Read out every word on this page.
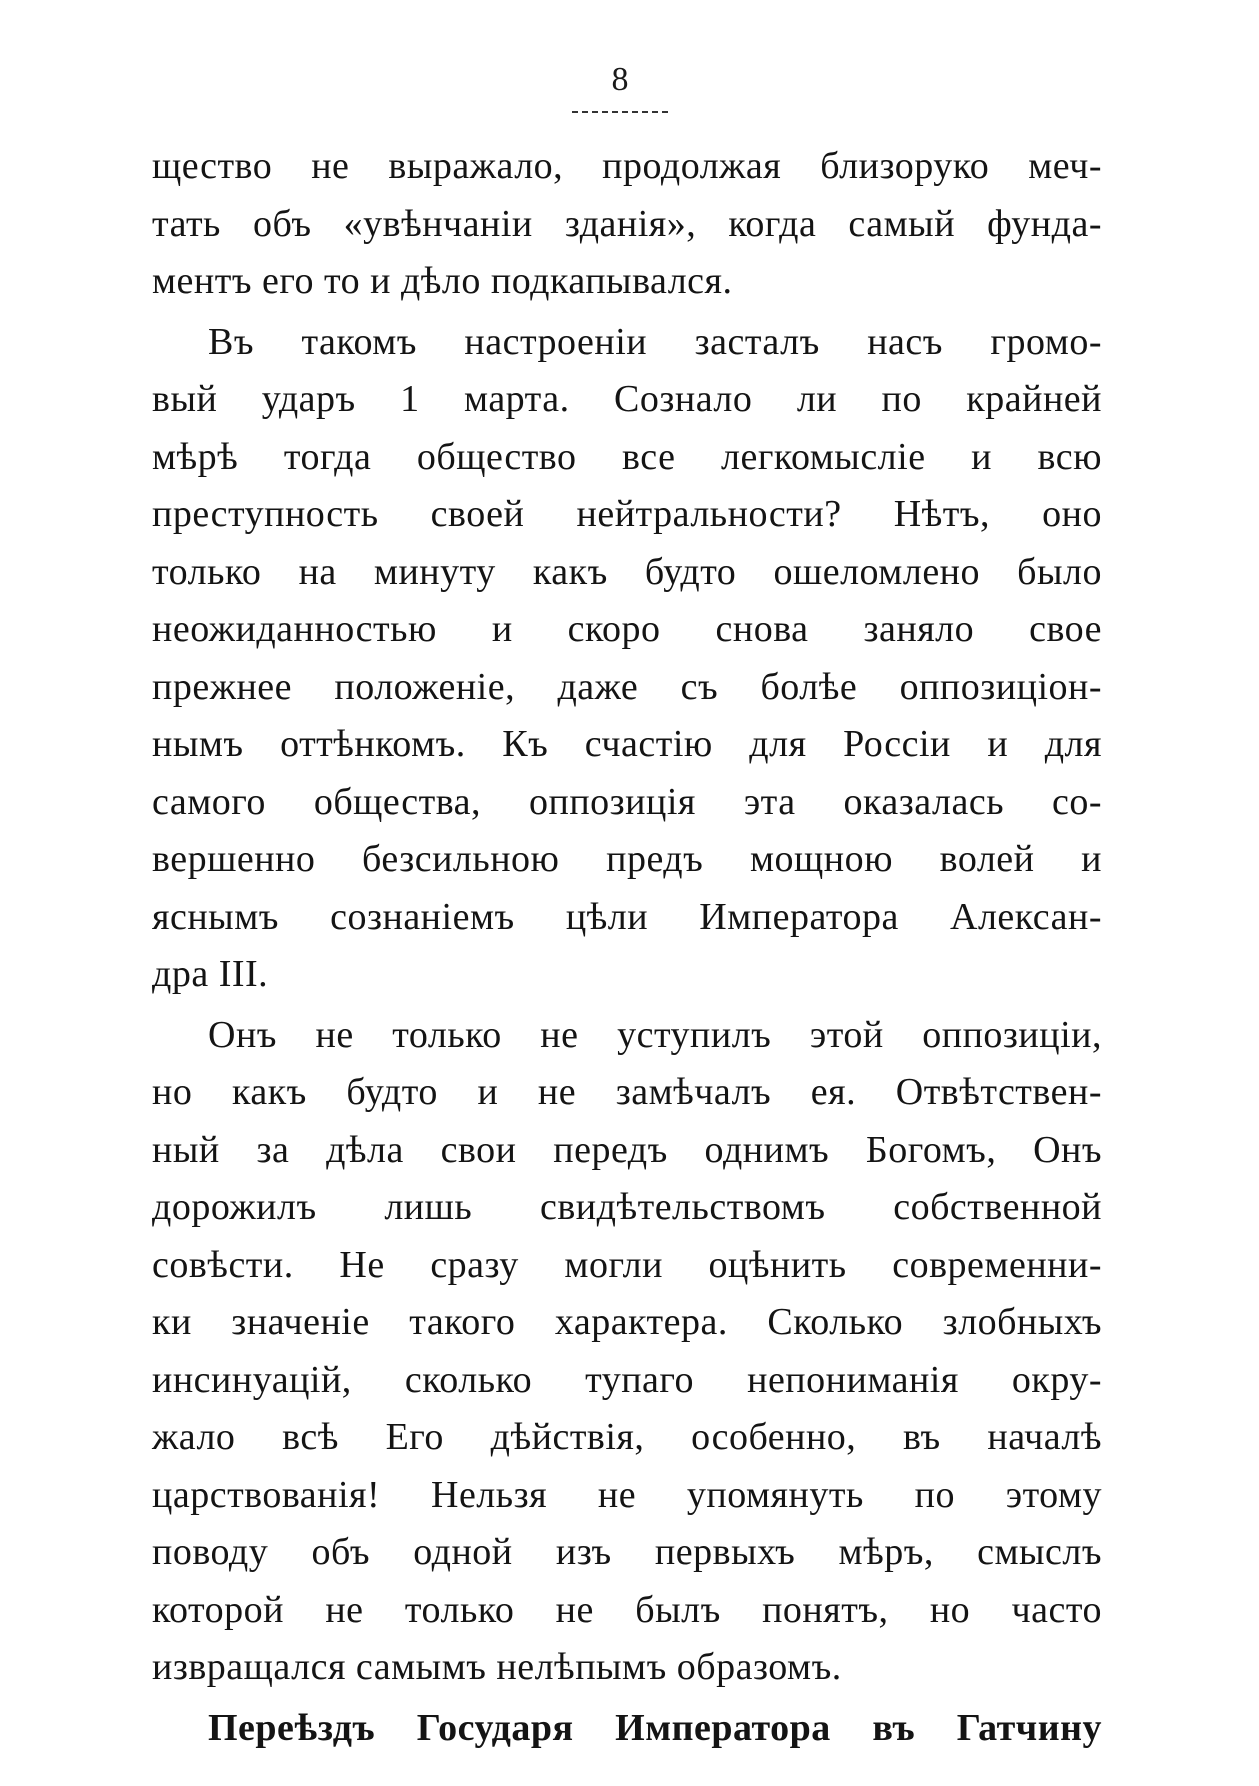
8
щество не выражало, продолжая близоруко меч-
тать объ «увѣнчаніи зданія», когда самый фунда-
ментъ его то и дѣло подкапывался.
Въ такомъ настроеніи засталъ насъ громо-
вый ударъ 1 марта. Сознало ли по крайней
мѣрѣ тогда общество все легкомысліе и всю
преступность своей нейтральности? Нѣтъ, оно
только на минуту какъ будто ошеломлено было
неожиданностью и скоро снова заняло свое
прежнее положеніе, даже съ болѣе оппозиціон-
нымъ оттѣнкомъ. Къ счастію для Россіи и для
самого общества, оппозиція эта оказалась со-
вершенно безсильною предъ мощною волей и
яснымъ сознаніемъ цѣли Императора Алексан-
дра III.
Онъ не только не уступилъ этой оппозиціи,
но какъ будто и не замѣчалъ ея. Отвѣтствен-
ный за дѣла свои передъ однимъ Богомъ, Онъ
дорожилъ лишь свидѣтельствомъ собственной
совѣсти. Не сразу могли оцѣнить современни-
ки значеніе такого характера. Сколько злобныхъ
инсинуацій, сколько тупаго непониманія окру-
жало всѣ Его дѣйствія, особенно, въ началѣ
царствованія! Нельзя не упомянуть по этому
поводу объ одной изъ первыхъ мѣръ, смыслъ
которой не только не былъ понятъ, но часто
извращался самымъ нелѣпымъ образомъ.
Переѣздъ Государя Императора въ Гатчину
